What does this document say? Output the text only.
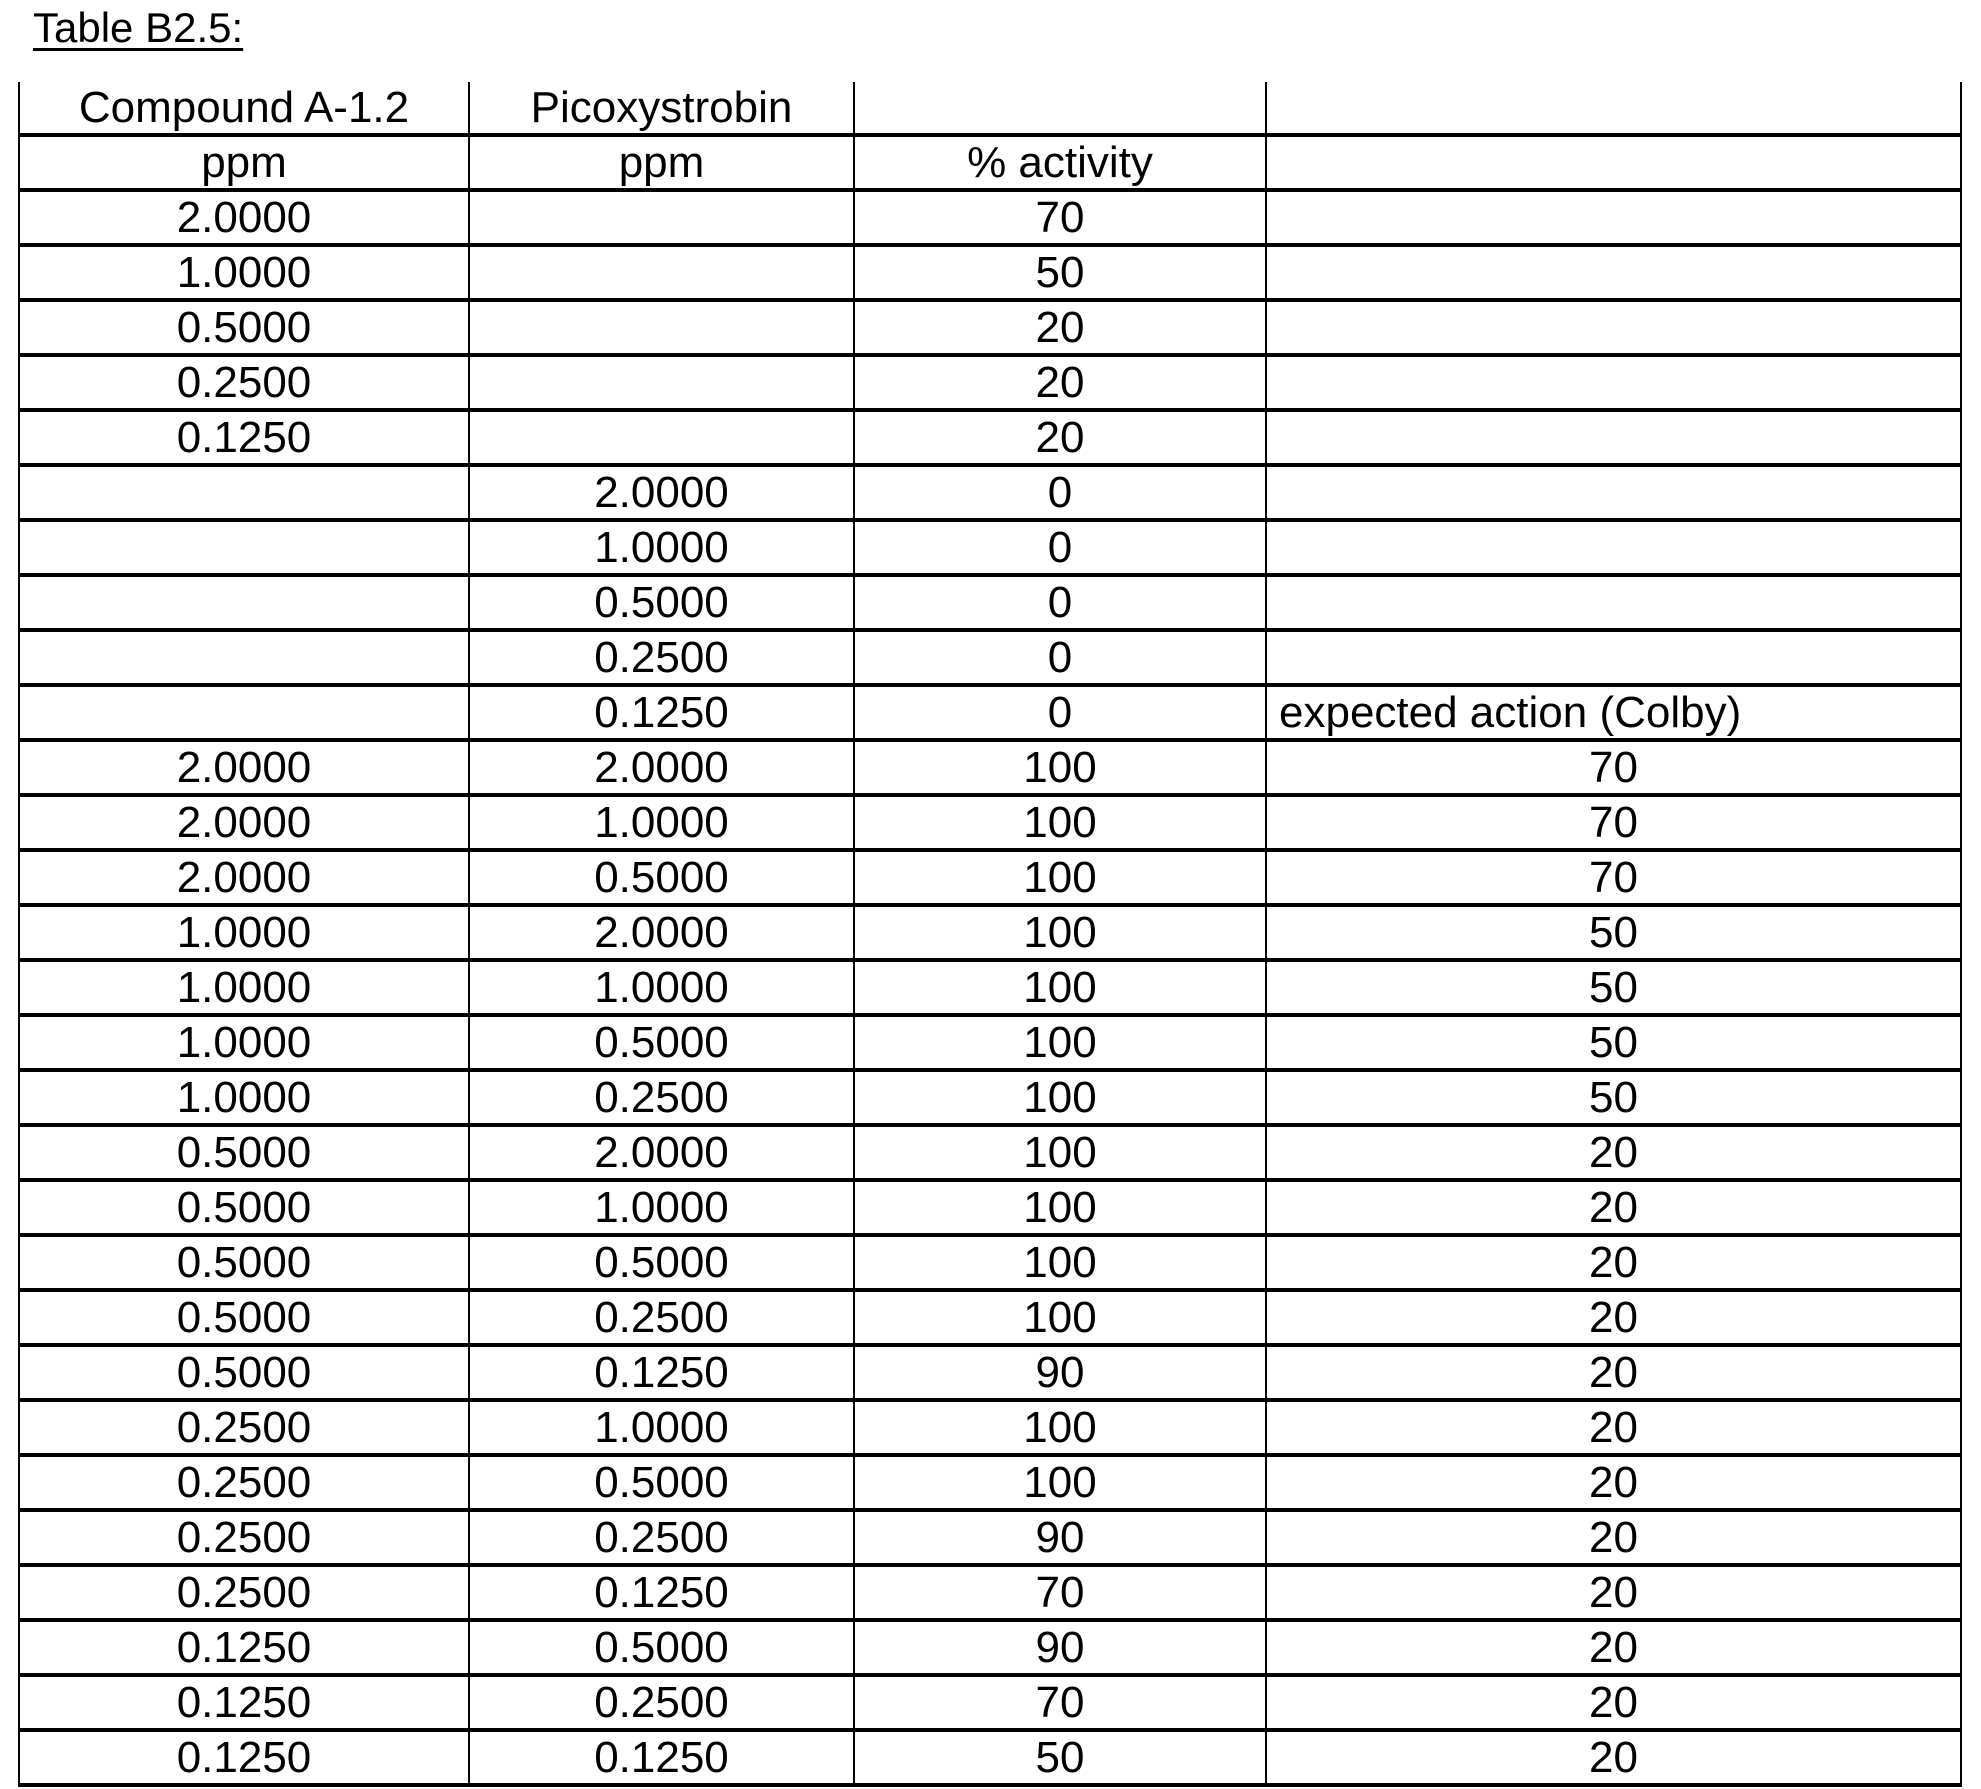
Table B2.5:
Compound A-1.2	Picoxystrobin		
ppm	ppm	% activity	
2.0000		70	
1.0000		50	
0.5000		20	
0.2500		20	
0.1250		20	
	2.0000	0	
	1.0000	0	
	0.5000	0	
	0.2500	0	
	0.1250	0	expected action (Colby)
2.0000	2.0000	100	70
2.0000	1.0000	100	70
2.0000	0.5000	100	70
1.0000	2.0000	100	50
1.0000	1.0000	100	50
1.0000	0.5000	100	50
1.0000	0.2500	100	50
0.5000	2.0000	100	20
0.5000	1.0000	100	20
0.5000	0.5000	100	20
0.5000	0.2500	100	20
0.5000	0.1250	90	20
0.2500	1.0000	100	20
0.2500	0.5000	100	20
0.2500	0.2500	90	20
0.2500	0.1250	70	20
0.1250	0.5000	90	20
0.1250	0.2500	70	20
0.1250	0.1250	50	20
